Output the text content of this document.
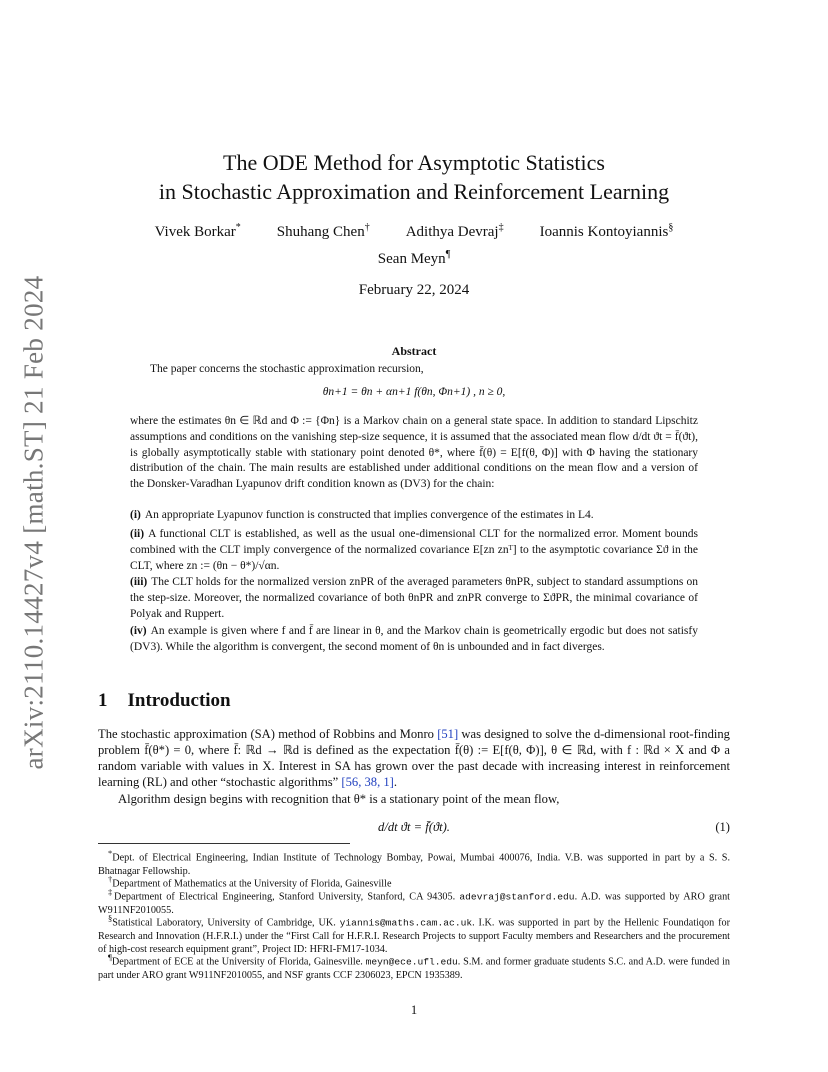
arXiv:2110.14427v4 [math.ST] 21 Feb 2024
The ODE Method for Asymptotic Statistics
in Stochastic Approximation and Reinforcement Learning
Vivek Borkar* Shuhang Chen† Adithya Devraj‡ Ioannis Kontoyiannis§
Sean Meyn¶
February 22, 2024
Abstract
The paper concerns the stochastic approximation recursion,
θn+1 = θn + αn+1 f(θn, Φn+1) , n ≥ 0,
where the estimates θn ∈ ℝd and Φ := {Φn} is a Markov chain on a general state space. In addition to standard Lipschitz assumptions and conditions on the vanishing step-size sequence, it is assumed that the associated mean flow d/dt ϑt = f̄(ϑt), is globally asymptotically stable with stationary point denoted θ*, where f̄(θ) = E[f(θ, Φ)] with Φ having the stationary distribution of the chain. The main results are established under additional conditions on the mean flow and a version of the Donsker-Varadhan Lyapunov drift condition known as (DV3) for the chain:
(i) An appropriate Lyapunov function is constructed that implies convergence of the estimates in L4.
(ii) A functional CLT is established, as well as the usual one-dimensional CLT for the normalized error. Moment bounds combined with the CLT imply convergence of the normalized covariance E[zn znᵀ] to the asymptotic covariance Σϑ in the CLT, where zn := (θn − θ*)/√αn.
(iii) The CLT holds for the normalized version znPR of the averaged parameters θnPR, subject to standard assumptions on the step-size. Moreover, the normalized covariance of both θnPR and znPR converge to ΣϑPR, the minimal covariance of Polyak and Ruppert.
(iv) An example is given where f and f̄ are linear in θ, and the Markov chain is geometrically ergodic but does not satisfy (DV3). While the algorithm is convergent, the second moment of θn is unbounded and in fact diverges.
1 Introduction
The stochastic approximation (SA) method of Robbins and Monro [51] was designed to solve the d-dimensional root-finding problem f̄(θ*) = 0, where f̄: ℝd → ℝd is defined as the expectation f̄(θ) := E[f(θ, Φ)], θ ∈ ℝd, with f : ℝd × X and Φ a random variable with values in X. Interest in SA has grown over the past decade with increasing interest in reinforcement learning (RL) and other “stochastic algorithms” [56, 38, 1].
Algorithm design begins with recognition that θ* is a stationary point of the mean flow,
d/dt ϑt = f̄(ϑt).	(1)
*Dept. of Electrical Engineering, Indian Institute of Technology Bombay, Powai, Mumbai 400076, India. V.B. was supported in part by a S. S. Bhatnagar Fellowship.
†Department of Mathematics at the University of Florida, Gainesville
‡Department of Electrical Engineering, Stanford University, Stanford, CA 94305. adevraj@stanford.edu. A.D. was supported by ARO grant W911NF2010055.
§Statistical Laboratory, University of Cambridge, UK. yiannis@maths.cam.ac.uk. I.K. was supported in part by the Hellenic Foundatiqon for Research and Innovation (H.F.R.I.) under the “First Call for H.F.R.I. Research Projects to support Faculty members and Researchers and the procurement of high-cost research equipment grant”, Project ID: HFRI-FM17-1034.
¶Department of ECE at the University of Florida, Gainesville. meyn@ece.ufl.edu. S.M. and former graduate students S.C. and A.D. were funded in part under ARO grant W911NF2010055, and NSF grants CCF 2306023, EPCN 1935389.
1
